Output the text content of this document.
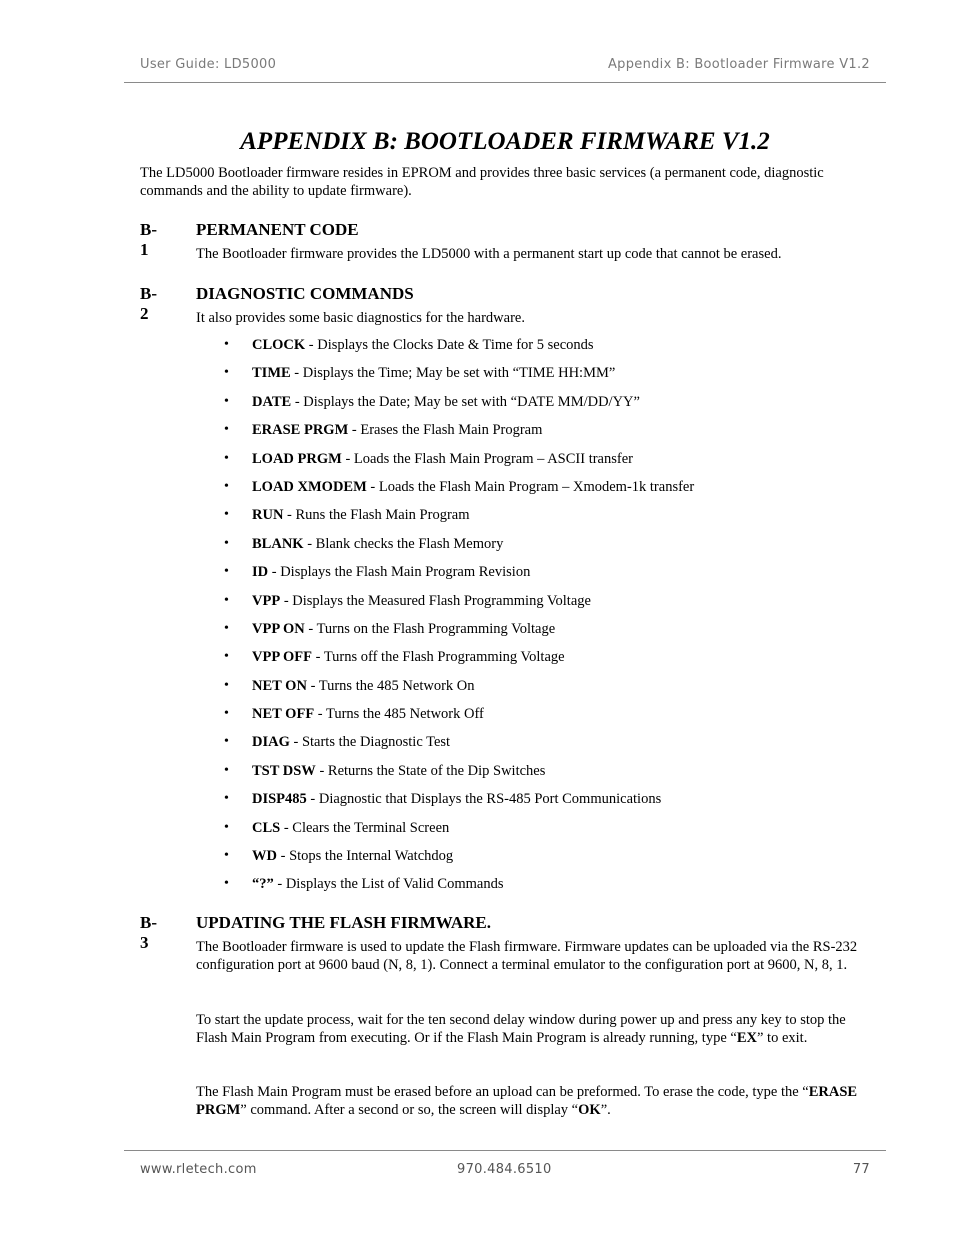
User Guide: LD5000	Appendix B: Bootloader Firmware V1.2
APPENDIX B: BOOTLOADER FIRMWARE V1.2
The LD5000 Bootloader firmware resides in EPROM and provides three basic services (a permanent code, diagnostic commands and the ability to update firmware).
B-1
PERMANENT CODE
The Bootloader firmware provides the LD5000 with a permanent start up code that cannot be erased.
B-2
DIAGNOSTIC COMMANDS
It also provides some basic diagnostics for the hardware.
• CLOCK - Displays the Clocks Date & Time for 5 seconds
• TIME - Displays the Time; May be set with “TIME HH:MM”
• DATE - Displays the Date; May be set with “DATE MM/DD/YY”
• ERASE PRGM - Erases the Flash Main Program
• LOAD PRGM - Loads the Flash Main Program – ASCII transfer
• LOAD XMODEM - Loads the Flash Main Program – Xmodem-1k transfer
• RUN - Runs the Flash Main Program
• BLANK - Blank checks the Flash Memory
• ID - Displays the Flash Main Program Revision
• VPP - Displays the Measured Flash Programming Voltage
• VPP ON - Turns on the Flash Programming Voltage
• VPP OFF - Turns off the Flash Programming Voltage
• NET ON - Turns the 485 Network On
• NET OFF - Turns the 485 Network Off
• DIAG - Starts the Diagnostic Test
• TST DSW - Returns the State of the Dip Switches
• DISP485 - Diagnostic that Displays the RS-485 Port Communications
• CLS - Clears the Terminal Screen
• WD - Stops the Internal Watchdog
• “?” - Displays the List of Valid Commands
B-3
UPDATING THE FLASH FIRMWARE.
The Bootloader firmware is used to update the Flash firmware. Firmware updates can be uploaded via the RS-232 configuration port at 9600 baud (N, 8, 1). Connect a terminal emulator to the configuration port at 9600, N, 8, 1.
To start the update process, wait for the ten second delay window during power up and press any key to stop the Flash Main Program from executing. Or if the Flash Main Program is already running, type “EX” to exit.
The Flash Main Program must be erased before an upload can be preformed. To erase the code, type the “ERASE PRGM” command. After a second or so, the screen will display “OK”.
www.rletech.com	970.484.6510	77
